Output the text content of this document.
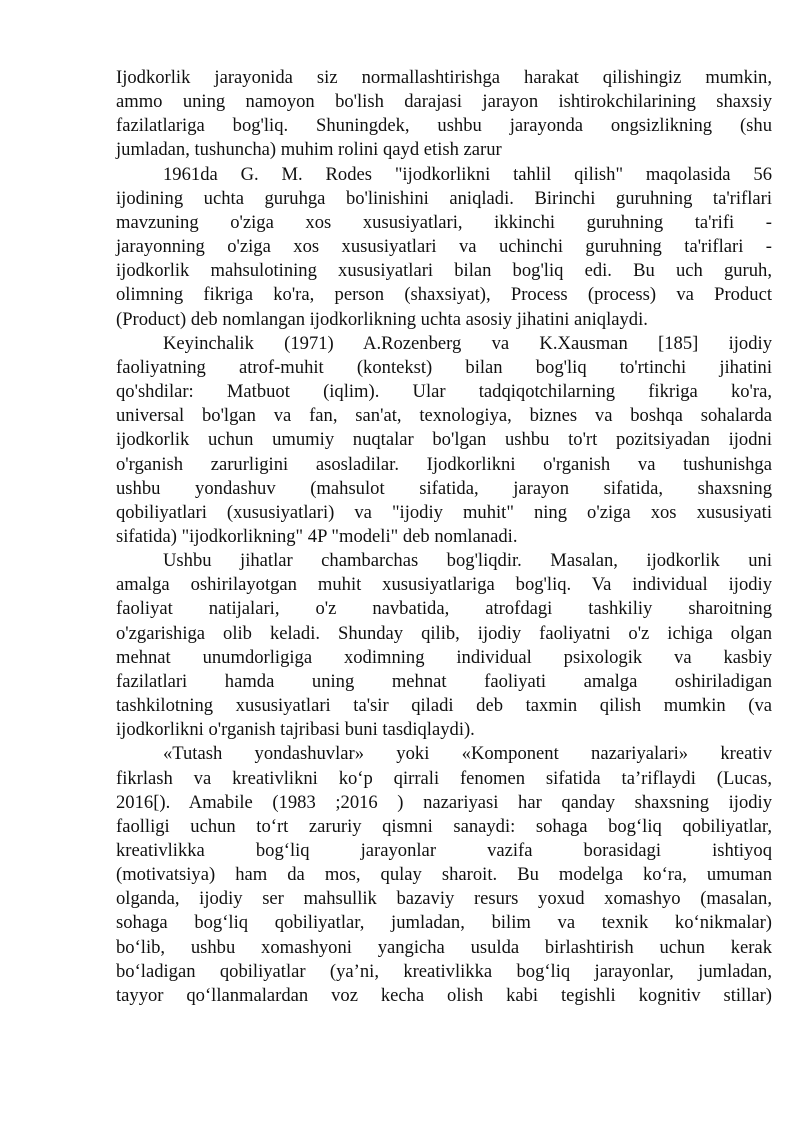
Ijodkorlik jarayonida siz normallashtirishga harakat qilishingiz mumkin,
ammo uning namoyon bo'lish darajasi jarayon ishtirokchilarining shaxsiy
fazilatlariga bog'liq. Shuningdek, ushbu jarayonda ongsizlikning (shu
jumladan, tushuncha) muhim rolini qayd etish zarur
1961da G. M. Rodes "ijodkorlikni tahlil qilish" maqolasida 56
ijodining uchta guruhga bo'linishini aniqladi. Birinchi guruhning ta'riflari
mavzuning o'ziga xos xususiyatlari, ikkinchi guruhning ta'rifi -
jarayonning o'ziga xos xususiyatlari va uchinchi guruhning ta'riflari -
ijodkorlik mahsulotining xususiyatlari bilan bog'liq edi. Bu uch guruh,
olimning fikriga ko'ra, person (shaxsiyat), Process (process) va Product
(Product) deb nomlangan ijodkorlikning uchta asosiy jihatini aniqlaydi.
Keyinchalik (1971) A.Rozenberg va K.Xausman [185] ijodiy
faoliyatning atrof-muhit (kontekst) bilan bog'liq to'rtinchi jihatini
qo'shdilar: Matbuot (iqlim). Ular tadqiqotchilarning fikriga ko'ra,
universal bo'lgan va fan, san'at, texnologiya, biznes va boshqa sohalarda
ijodkorlik uchun umumiy nuqtalar bo'lgan ushbu to'rt pozitsiyadan ijodni
o'rganish zarurligini asosladilar. Ijodkorlikni o'rganish va tushunishga
ushbu yondashuv (mahsulot sifatida, jarayon sifatida, shaxsning
qobiliyatlari (xususiyatlari) va "ijodiy muhit" ning o'ziga xos xususiyati
sifatida) "ijodkorlikning" 4P "modeli" deb nomlanadi.
Ushbu jihatlar chambarchas bog'liqdir. Masalan, ijodkorlik uni
amalga oshirilayotgan muhit xususiyatlariga bog'liq. Va individual ijodiy
faoliyat natijalari, o'z navbatida, atrofdagi tashkiliy sharoitning
o'zgarishiga olib keladi. Shunday qilib, ijodiy faoliyatni o'z ichiga olgan
mehnat unumdorligiga xodimning individual psixologik va kasbiy
fazilatlari hamda uning mehnat faoliyati amalga oshiriladigan
tashkilotning xususiyatlari ta'sir qiladi deb taxmin qilish mumkin (va
ijodkorlikni o'rganish tajribasi buni tasdiqlaydi).
«Tutash yondashuvlar» yoki «Komponent nazariyalari» kreativ
fikrlash va kreativlikni ko‘p qirrali fenomen sifatida ta’riflaydi (Lucas,
2016[). Amabile (1983 ;2016 ) nazariyasi har qanday shaxsning ijodiy
faolligi uchun to‘rt zaruriy qismni sanaydi: sohaga bog‘liq qobiliyatlar,
kreativlikka bog‘liq jarayonlar vazifa borasidagi ishtiyoq
(motivatsiya) ham da mos, qulay sharoit. Bu modelga ko‘ra, umuman
olganda, ijodiy ser mahsullik bazaviy resurs yoxud xomashyo (masalan,
sohaga bog‘liq qobiliyatlar, jumladan, bilim va texnik ko‘nikmalar)
bo‘lib, ushbu xomashyoni yangicha usulda birlashtirish uchun kerak
bo‘ladigan qobiliyatlar (ya’ni, kreativlikka bog‘liq jarayonlar, jumladan,
tayyor qo‘llanmalardan voz kecha olish kabi tegishli kognitiv stillar)
